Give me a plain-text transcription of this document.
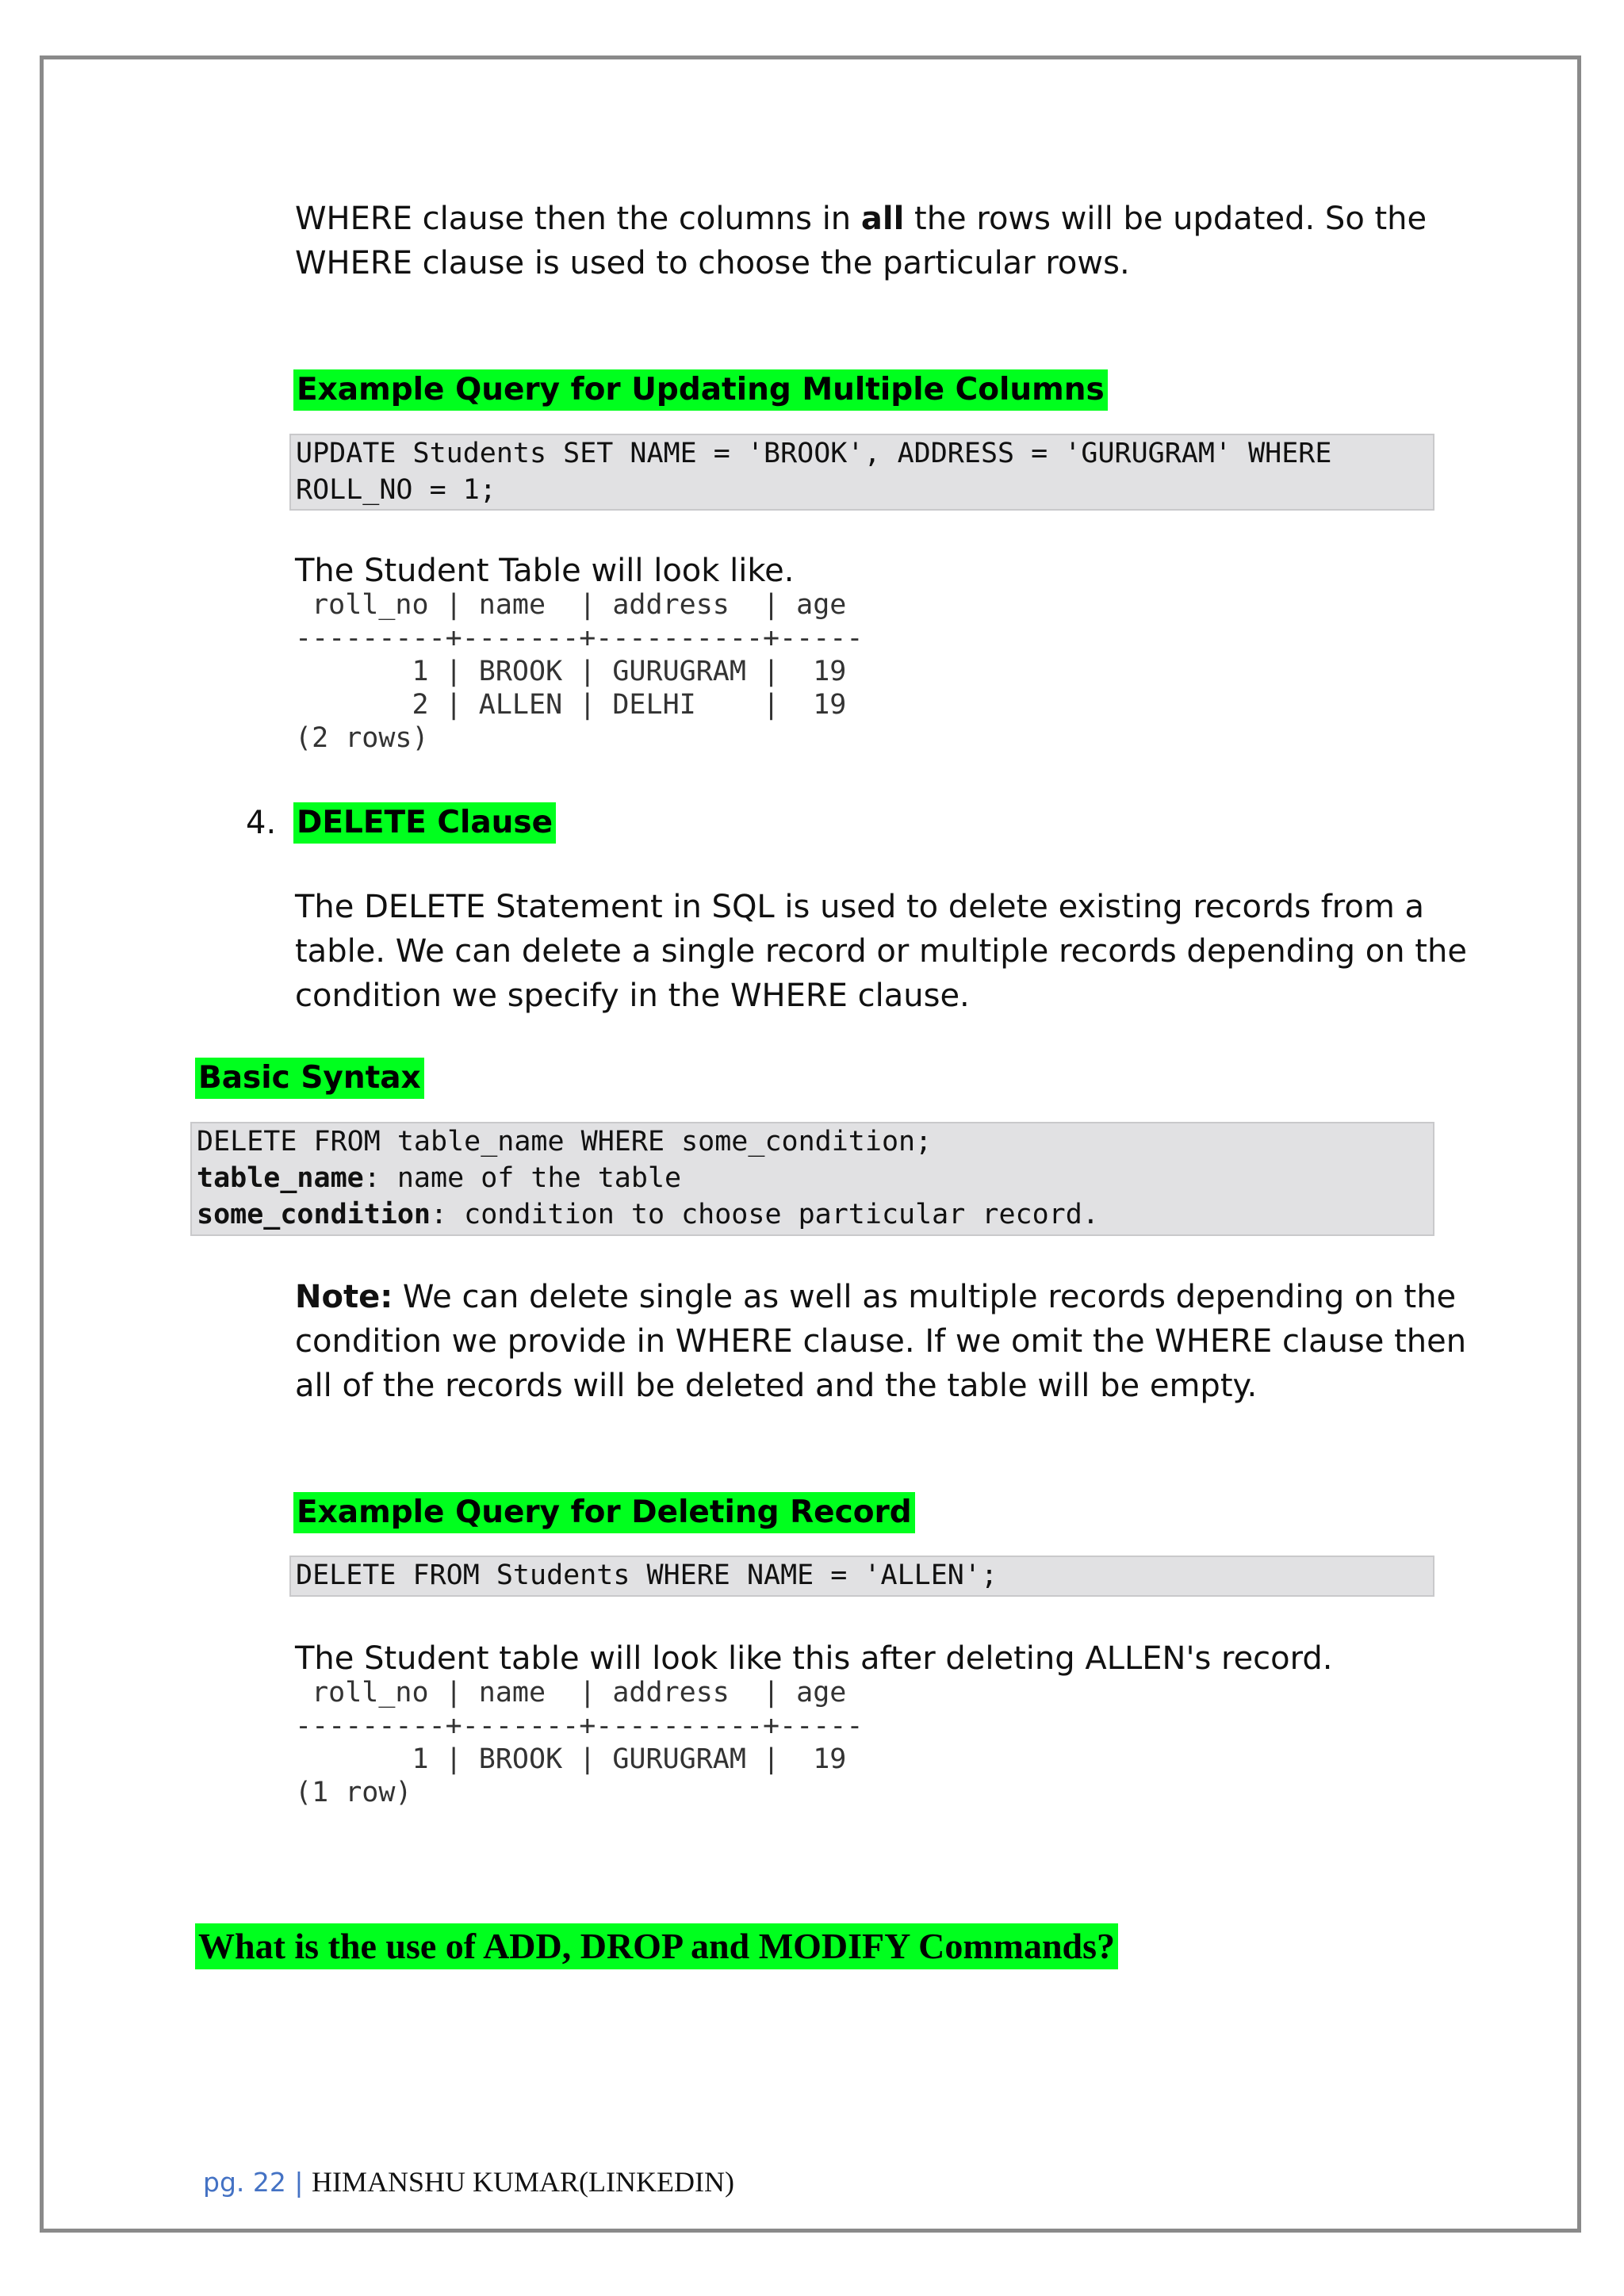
WHERE clause then the columns in all the rows will be updated. So the
WHERE clause is used to choose the particular rows.
Example Query for Updating Multiple Columns
UPDATE Students SET NAME = 'BROOK', ADDRESS = 'GURUGRAM' WHERE
ROLL_NO = 1;
The Student Table will look like.
roll_no | name  | address  | age
---------+-------+----------+-----
1 | BROOK | GURUGRAM |  19
2 | ALLEN | DELHI    |  19
(2 rows)
4. DELETE Clause
The DELETE Statement in SQL is used to delete existing records from a
table. We can delete a single record or multiple records depending on the
condition we specify in the WHERE clause.
Basic Syntax
DELETE FROM table_name WHERE some_condition;
table_name: name of the table
some_condition: condition to choose particular record.
Note: We can delete single as well as multiple records depending on the
condition we provide in WHERE clause. If we omit the WHERE clause then
all of the records will be deleted and the table will be empty.
Example Query for Deleting Record
DELETE FROM Students WHERE NAME = 'ALLEN';
The Student table will look like this after deleting ALLEN's record.
roll_no | name  | address  | age
---------+-------+----------+-----
1 | BROOK | GURUGRAM |  19
(1 row)
What is the use of ADD, DROP and MODIFY Commands?
pg. 22 | HIMANSHU KUMAR(LINKEDIN)
